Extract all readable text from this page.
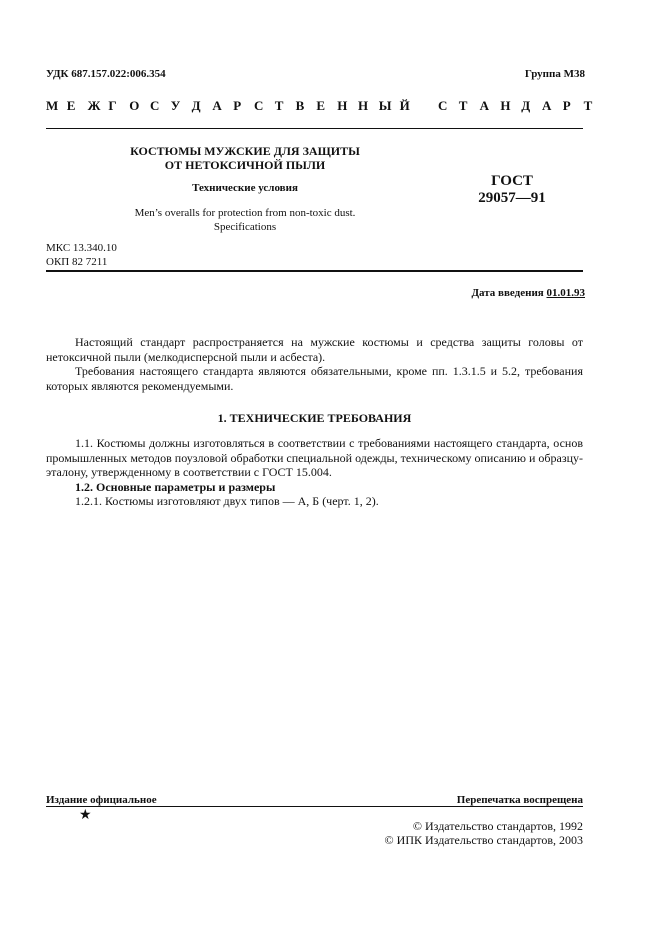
УДК 687.157.022:006.354	Группа М38
М Е Ж Г О С У Д А Р С Т В Е Н Н Ы Й С Т А Н Д А Р Т
КОСТЮМЫ МУЖСКИЕ ДЛЯ ЗАЩИТЫ
ОТ НЕТОКСИЧНОЙ ПЫЛИ
Технические условия
Men’s overalls for protection from non-toxic dust.
Specifications
ГОСТ
29057—91
МКС 13.340.10
ОКП 82 7211
Дата введения 01.01.93

Настоящий стандарт распространяется на мужские костюмы и средства защиты головы от нетоксичной пыли (мелкодисперсной пыли и асбеста).

Требования настоящего стандарта являются обязательными, кроме пп. 1.3.1.5 и 5.2, требования которых являются рекомендуемыми.

1. ТЕХНИЧЕСКИЕ ТРЕБОВАНИЯ

1.1. Костюмы должны изготовляться в соответствии с требованиями настоящего стандарта, основ промышленных методов поузловой обработки специальной одежды, техническому описанию и образцу-эталону, утвержденному в соответствии с ГОСТ 15.004.

1.2. Основные параметры и размеры

1.2.1. Костюмы изготовляют двух типов — А, Б (черт. 1, 2).

Издание официальное	Перепечатка воспрещена
★
© Издательство стандартов, 1992
© ИПК Издательство стандартов, 2003
